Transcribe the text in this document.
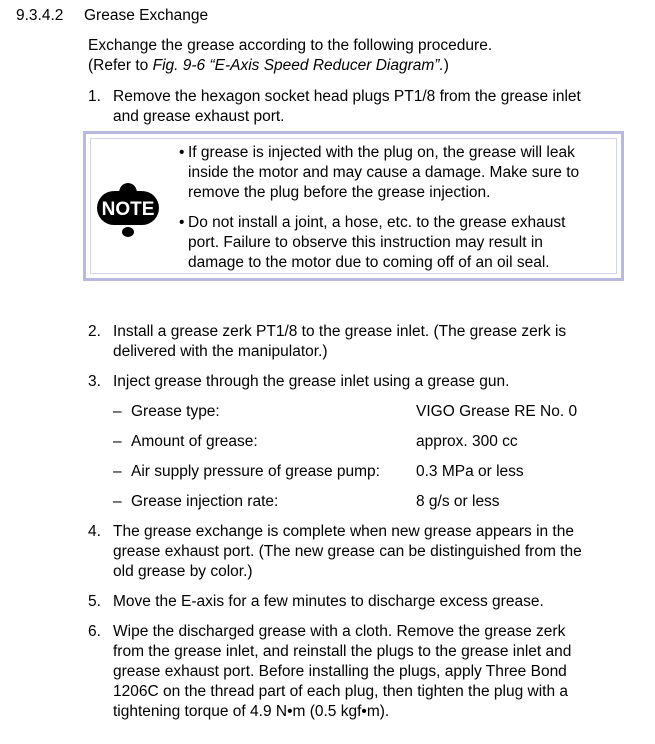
9.3.4.2 Grease Exchange
Exchange the grease according to the following procedure.
(Refer to Fig. 9-6 “E-Axis Speed Reducer Diagram”.)
1. Remove the hexagon socket head plugs PT1/8 from the grease inlet
and grease exhaust port.
NOTE
• If grease is injected with the plug on, the grease will leak
inside the motor and may cause a damage. Make sure to
remove the plug before the grease injection.
• Do not install a joint, a hose, etc. to the grease exhaust
port. Failure to observe this instruction may result in
damage to the motor due to coming off of an oil seal.
2. Install a grease zerk PT1/8 to the grease inlet. (The grease zerk is
delivered with the manipulator.)
3. Inject grease through the grease inlet using a grease gun.
– Grease type:	VIGO Grease RE No. 0
– Amount of grease:	approx. 300 cc
– Air supply pressure of grease pump: 0.3 MPa or less
– Grease injection rate:	8 g/s or less
4. The grease exchange is complete when new grease appears in the
grease exhaust port. (The new grease can be distinguished from the
old grease by color.)
5. Move the E-axis for a few minutes to discharge excess grease.
6. Wipe the discharged grease with a cloth. Remove the grease zerk
from the grease inlet, and reinstall the plugs to the grease inlet and
grease exhaust port. Before installing the plugs, apply Three Bond
1206C on the thread part of each plug, then tighten the plug with a
tightening torque of 4.9 N•m (0.5 kgf•m).
